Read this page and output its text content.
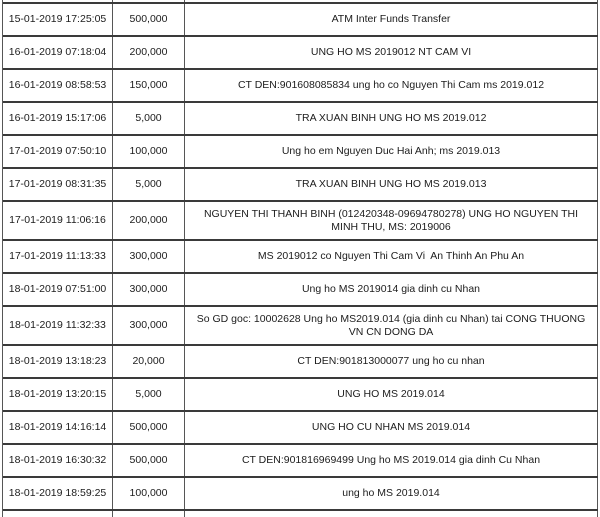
15-01-2019 17:25:05	500,000	ATM Inter Funds Transfer
16-01-2019 07:18:04	200,000	UNG HO MS 2019012 NT CAM VI
16-01-2019 08:58:53	150,000	CT DEN:901608085834 ung ho co Nguyen Thi Cam ms 2019.012
16-01-2019 15:17:06	5,000	TRA XUAN BINH UNG HO MS 2019.012
17-01-2019 07:50:10	100,000	Ung ho em Nguyen Duc Hai Anh; ms 2019.013
17-01-2019 08:31:35	5,000	TRA XUAN BINH UNG HO MS 2019.013
17-01-2019 11:06:16	200,000
NGUYEN THI THANH BINH (012420348-09694780278) UNG HO NGUYEN THI MINH THU, MS: 2019006
17-01-2019 11:13:33	300,000	MS 2019012 co Nguyen Thi Cam Vi  An Thinh An Phu An
18-01-2019 07:51:00	300,000	Ung ho MS 2019014 gia dinh cu Nhan
18-01-2019 11:32:33	300,000
So GD goc: 10002628 Ung ho MS2019.014 (gia dinh cu Nhan) tai CONG THUONG VN CN DONG DA
18-01-2019 13:18:23	20,000	CT DEN:901813000077 ung ho cu nhan
18-01-2019 13:20:15	5,000	UNG HO MS 2019.014
18-01-2019 14:16:14	500,000	UNG HO CU NHAN MS 2019.014
18-01-2019 16:30:32	500,000	CT DEN:901816969499 Ung ho MS 2019.014 gia dinh Cu Nhan
18-01-2019 18:59:25	100,000	ung ho MS 2019.014
